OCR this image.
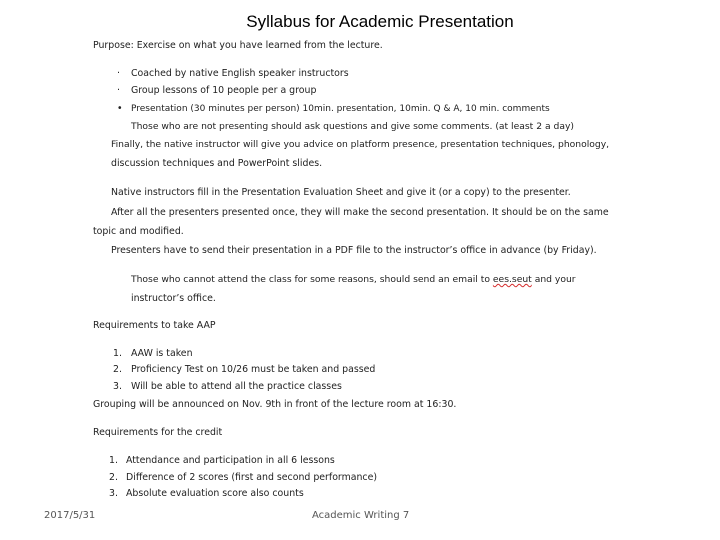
Syllabus for Academic Presentation
Purpose: Exercise on what you have learned from the lecture.
· Coached by native English speaker instructors
· Group lessons of 10 people per a group
• Presentation (30 minutes per person) 10min. presentation, 10min. Q & A, 10 min. comments
Those who are not presenting should ask questions and give some comments. (at least 2 a day)
Finally, the native instructor will give you advice on platform presence, presentation techniques, phonology,
discussion techniques and PowerPoint slides.
Native instructors fill in the Presentation Evaluation Sheet and give it (or a copy) to the presenter.
After all the presenters presented once, they will make the second presentation. It should be on the same
topic and modified.
Presenters have to send their presentation in a PDF file to the instructor’s office in advance (by Friday).
Those who cannot attend the class for some reasons, should send an email to ees.seut and your
instructor’s office.
Requirements to take AAP
1. AAW is taken
2. Proficiency Test on 10/26 must be taken and passed
3. Will be able to attend all the practice classes
Grouping will be announced on Nov. 9th in front of the lecture room at 16:30.
Requirements for the credit
1. Attendance and participation in all 6 lessons
2. Difference of 2 scores (first and second performance)
3. Absolute evaluation score also counts
2017/5/31	Academic Writing 7
